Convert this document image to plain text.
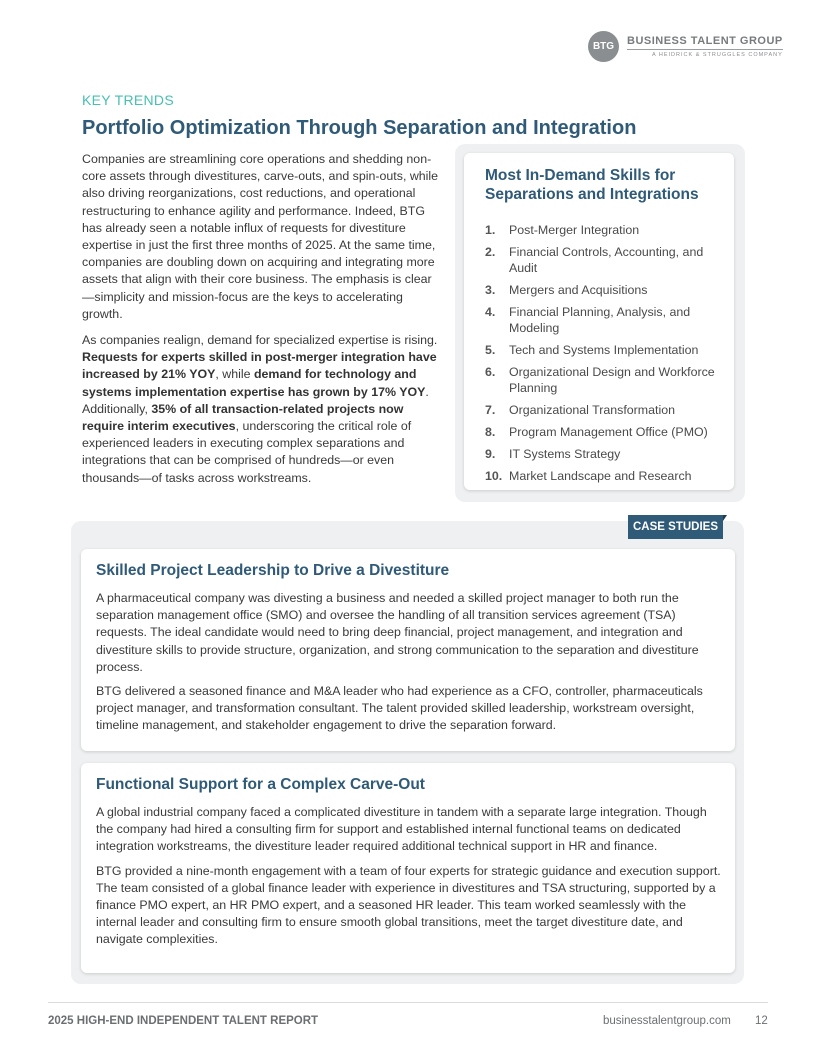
BTG	BUSINESS TALENT GROUP
A HEIDRICK & STRUGGLES COMPANY
KEY TRENDS
Portfolio Optimization Through Separation and Integration

Companies are streamlining core operations and shedding non-core assets through divestitures, carve-outs, and spin-outs, while also driving reorganizations, cost reductions, and operational restructuring to enhance agility and performance. Indeed, BTG has already seen a notable influx of requests for divestiture expertise in just the first three months of 2025. At the same time, companies are doubling down on acquiring and integrating more assets that align with their core business. The emphasis is clear—simplicity and mission-focus are the keys to accelerating growth.

As companies realign, demand for specialized expertise is rising. Requests for experts skilled in post-merger integration have increased by 21% YOY, while demand for technology and systems implementation expertise has grown by 17% YOY. Additionally, 35% of all transaction-related projects now require interim executives, underscoring the critical role of experienced leaders in executing complex separations and integrations that can be comprised of hundreds—or even thousands—of tasks across workstreams.

Most In-Demand Skills for Separations and Integrations
1. Post-Merger Integration
2. Financial Controls, Accounting, and Audit
3. Mergers and Acquisitions
4. Financial Planning, Analysis, and Modeling
5. Tech and Systems Implementation
6. Organizational Design and Workforce Planning
7. Organizational Transformation
8. Program Management Office (PMO)
9. IT Systems Strategy
10. Market Landscape and Research
CASE STUDIES
Skilled Project Leadership to Drive a Divestiture

A pharmaceutical company was divesting a business and needed a skilled project manager to both run the separation management office (SMO) and oversee the handling of all transition services agreement (TSA) requests. The ideal candidate would need to bring deep financial, project management, and integration and divestiture skills to provide structure, organization, and strong communication to the separation and divestiture process.

BTG delivered a seasoned finance and M&A leader who had experience as a CFO, controller, pharmaceuticals project manager, and transformation consultant. The talent provided skilled leadership, workstream oversight, timeline management, and stakeholder engagement to drive the separation forward.

Functional Support for a Complex Carve-Out

A global industrial company faced a complicated divestiture in tandem with a separate large integration. Though the company had hired a consulting firm for support and established internal functional teams on dedicated integration workstreams, the divestiture leader required additional technical support in HR and finance.

BTG provided a nine-month engagement with a team of four experts for strategic guidance and execution support. The team consisted of a global finance leader with experience in divestitures and TSA structuring, supported by a finance PMO expert, an HR PMO expert, and a seasoned HR leader. This team worked seamlessly with the internal leader and consulting firm to ensure smooth global transitions, meet the target divestiture date, and navigate complexities.

2025 HIGH-END INDEPENDENT TALENT REPORT	businesstalentgroup.com 12
